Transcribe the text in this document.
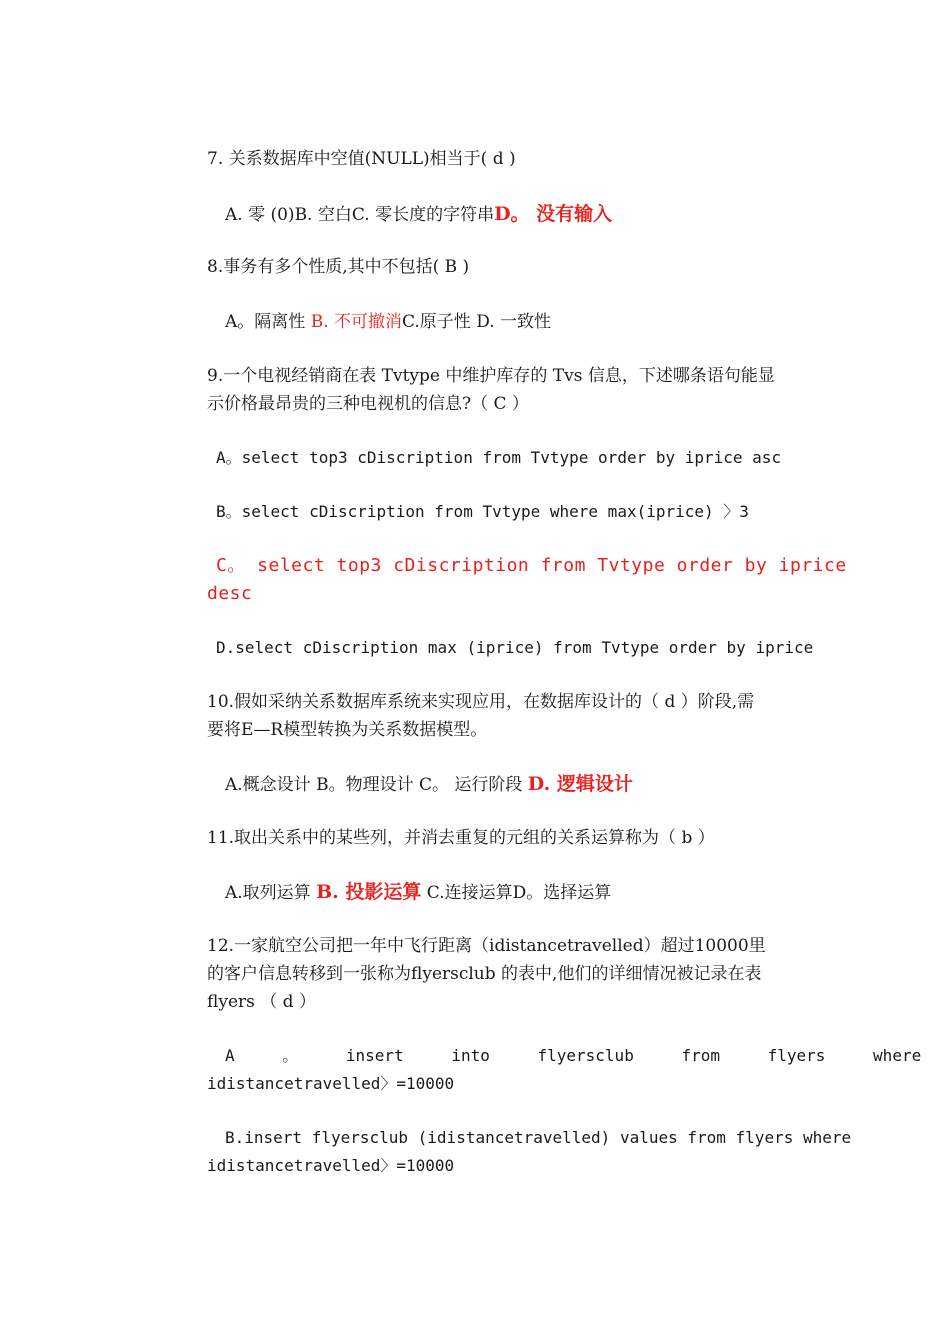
7. 关系数据库中空值(NULL)相当于( d )
A. 零 (0)B. 空白C. 零长度的字符串D。 没有输入
8.事务有多个性质,其中不包括( B )
A。隔离性 B. 不可撤消C.原子性 D. 一致性
9.一个电视经销商在表 Tvtype 中维护库存的 Tvs 信息，下述哪条语句能显
示价格最昂贵的三种电视机的信息?（ C ）
A。select top3 cDiscription from Tvtype order by iprice asc
B。select cDiscription from Tvtype where max(iprice) 〉3
C。 select top3 cDiscription from Tvtype order by iprice
desc
D.select cDiscription max (iprice) from Tvtype order by iprice
10.假如采纳关系数据库系统来实现应用，在数据库设计的（ d ）阶段,需
要将E—R模型转换为关系数据模型。
A.概念设计 B。物理设计 C。 运行阶段 D. 逻辑设计
11.取出关系中的某些列，并消去重复的元组的关系运算称为（ b ）
A.取列运算 B. 投影运算 C.连接运算D。选择运算
12.一家航空公司把一年中飞行距离（idistancetravelled）超过10000里
的客户信息转移到一张称为flyersclub 的表中,他们的详细情况被记录在表
flyers （ d ）
A 。 insert into flyersclub from flyers where
idistancetravelled〉=10000
B.insert flyersclub (idistancetravelled) values from flyers where
idistancetravelled〉=10000
